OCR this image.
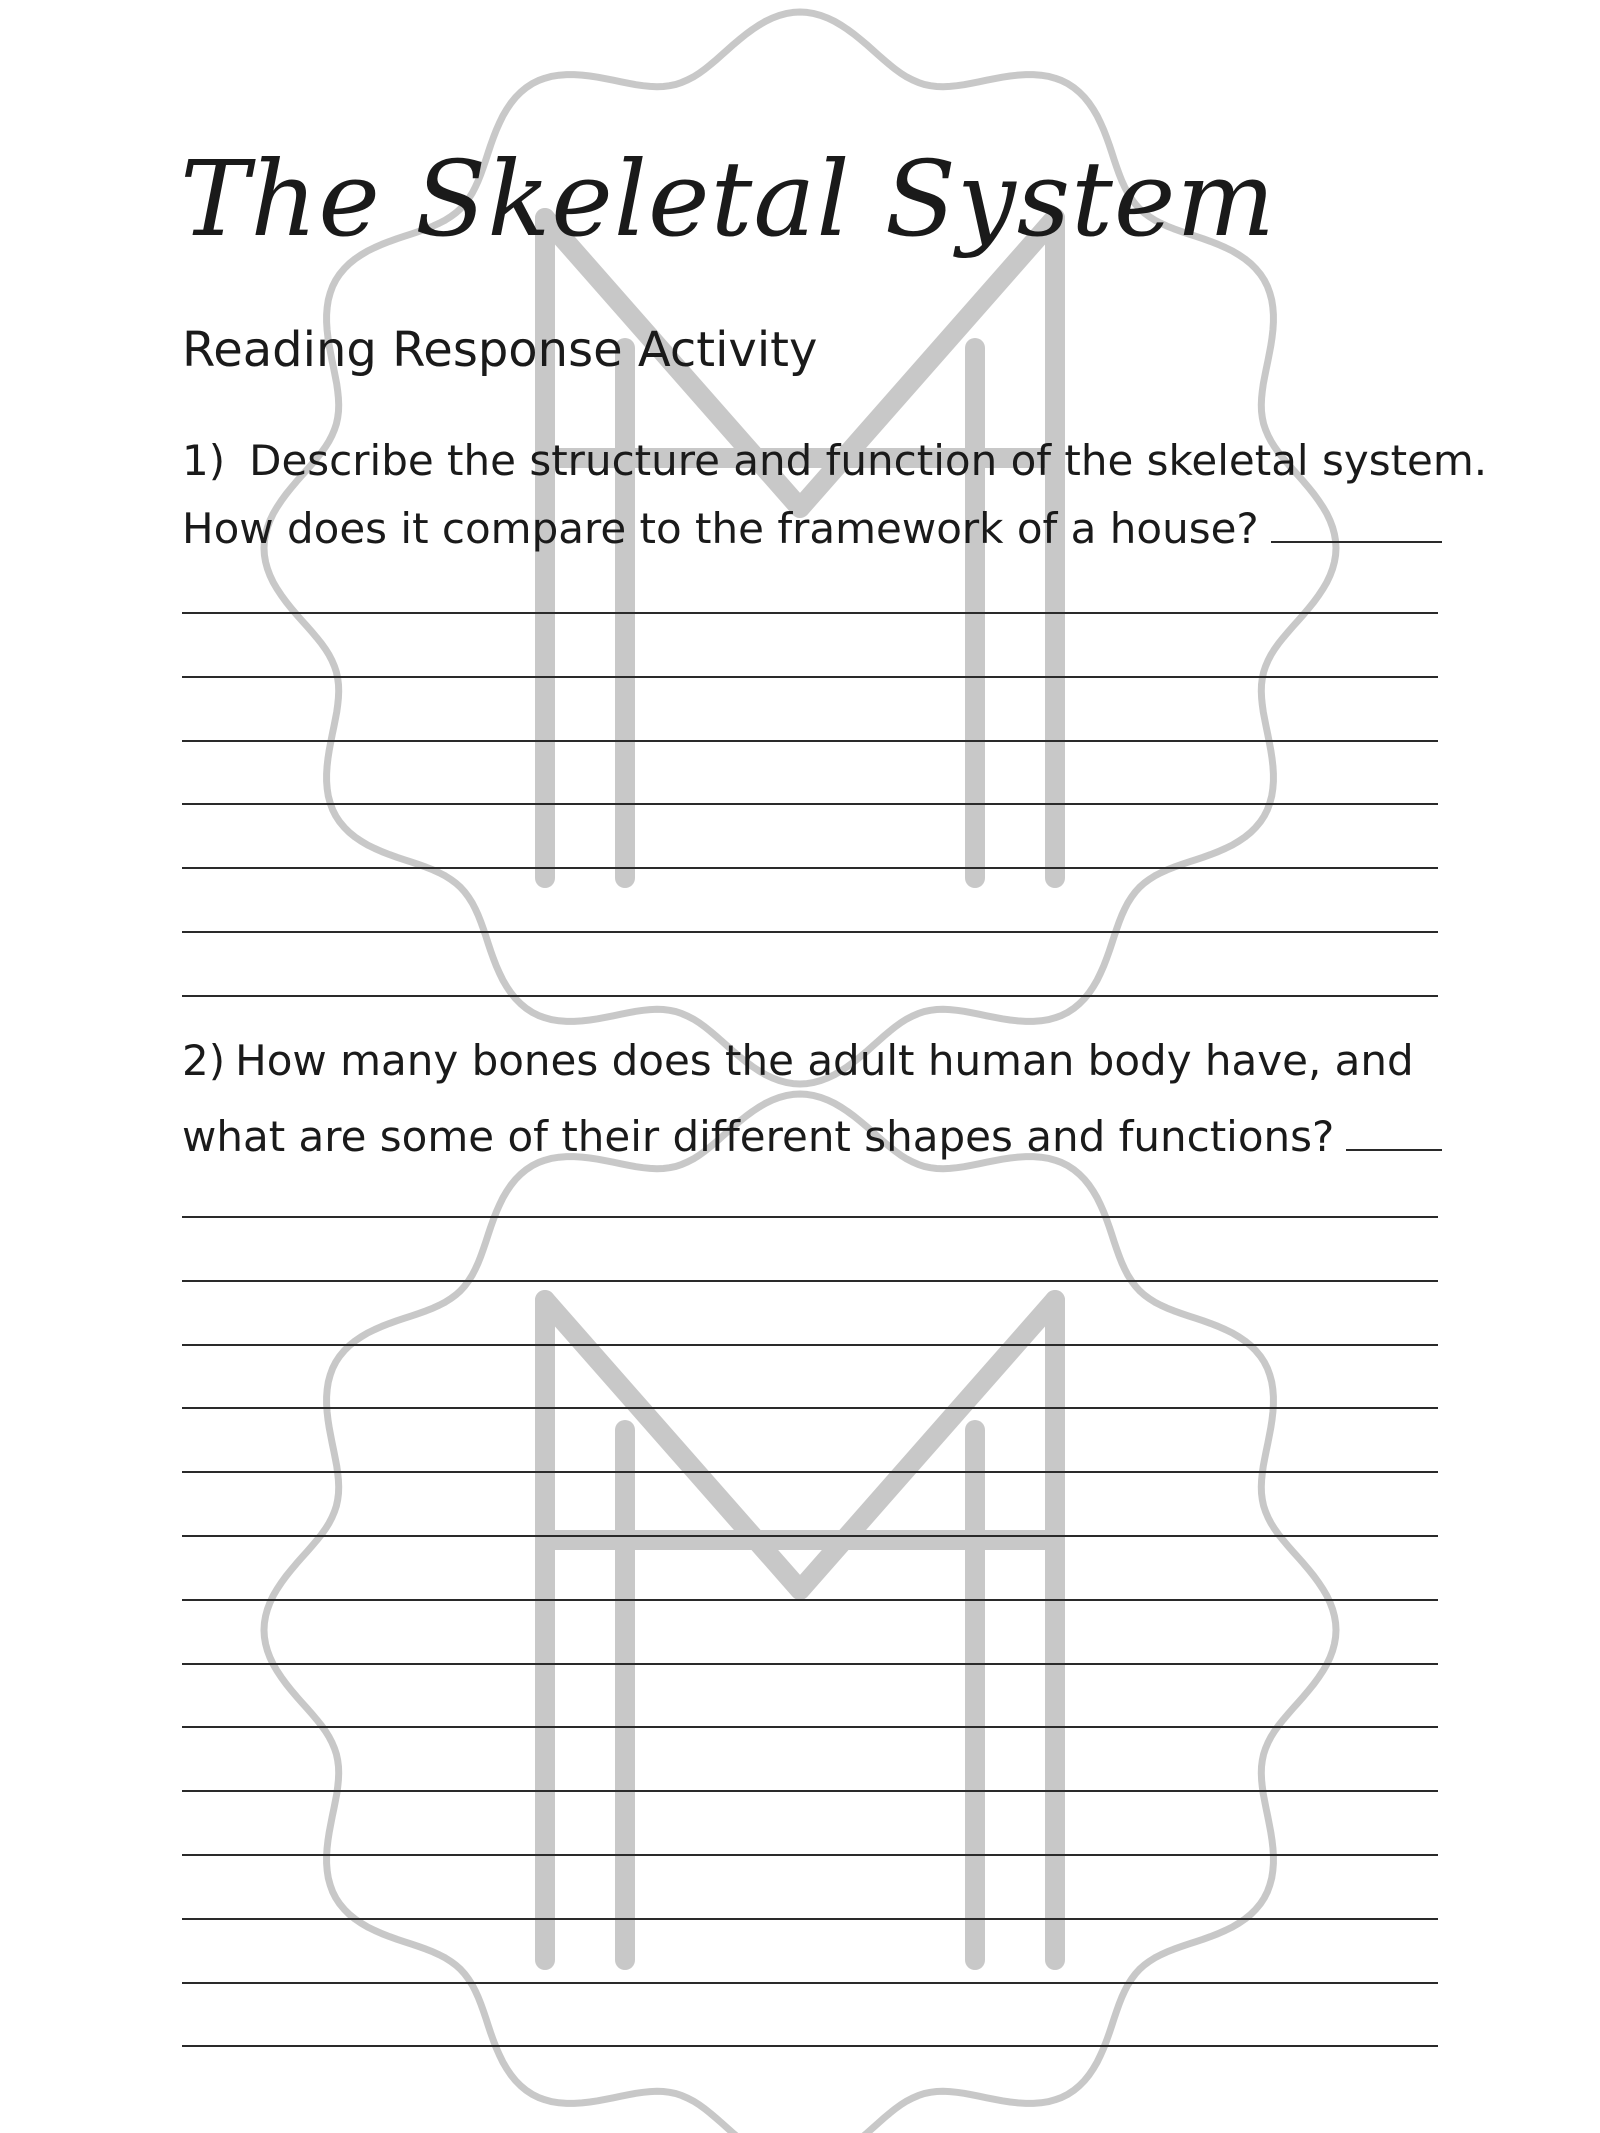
The Skeletal System
Reading Response Activity
1) Describe the structure and function of the skeletal system.
How does it compare to the framework of a house?
2) How many bones does the adult human body have, and
what are some of their different shapes and functions?
